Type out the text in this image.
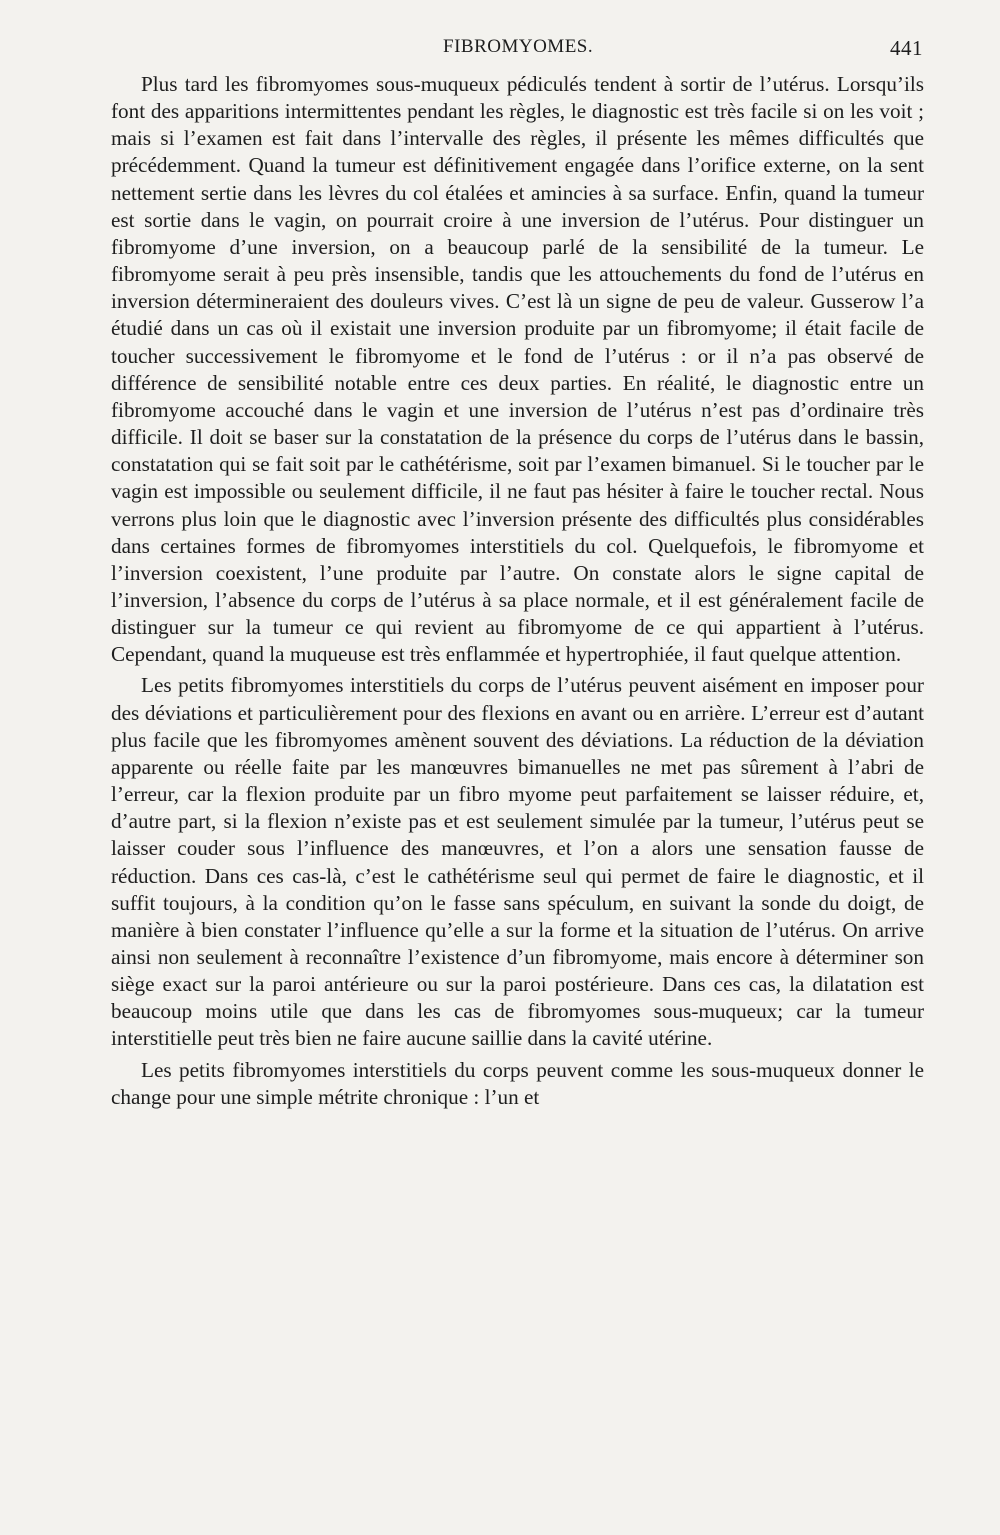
FIBROMYOMES.	441

Plus tard les fibromyomes sous-muqueux pédiculés tendent à sortir de l’utérus. Lorsqu’ils font des apparitions intermittentes pendant les règles, le diagnostic est très facile si on les voit ; mais si l’examen est fait dans l’intervalle des règles, il présente les mêmes difficultés que précédemment. Quand la tumeur est définitivement engagée dans l’orifice externe, on la sent nettement sertie dans les lèvres du col étalées et amincies à sa surface. Enfin, quand la tumeur est sortie dans le vagin, on pourrait croire à une inversion de l’utérus. Pour distinguer un fibromyome d’une inversion, on a beaucoup parlé de la sensibilité de la tumeur. Le fibromyome serait à peu près insensible, tandis que les attouchements du fond de l’utérus en inversion détermineraient des douleurs vives. C’est là un signe de peu de valeur. Gusserow l’a étudié dans un cas où il existait une inversion produite par un fibromyome; il était facile de toucher successivement le fibromyome et le fond de l’utérus : or il n’a pas observé de différence de sensibilité notable entre ces deux parties. En réalité, le diagnostic entre un fibromyome accouché dans le vagin et une inversion de l’utérus n’est pas d’ordinaire très difficile. Il doit se baser sur la constatation de la présence du corps de l’utérus dans le bassin, constatation qui se fait soit par le cathétérisme, soit par l’examen bimanuel. Si le toucher par le vagin est impossible ou seulement difficile, il ne faut pas hésiter à faire le toucher rectal. Nous verrons plus loin que le diagnostic avec l’inversion présente des difficultés plus considérables dans certaines formes de fibromyomes interstitiels du col. Quelquefois, le fibromyome et l’inversion coexistent, l’une produite par l’autre. On constate alors le signe capital de l’inversion, l’absence du corps de l’utérus à sa place normale, et il est généralement facile de distinguer sur la tumeur ce qui revient au fibromyome de ce qui appartient à l’utérus. Cependant, quand la muqueuse est très enflammée et hypertrophiée, il faut quelque attention.

Les petits fibromyomes interstitiels du corps de l’utérus peuvent aisément en imposer pour des déviations et particulièrement pour des flexions en avant ou en arrière. L’erreur est d’autant plus facile que les fibromyomes amènent souvent des déviations. La réduction de la déviation apparente ou réelle faite par les manœuvres bimanuelles ne met pas sûrement à l’abri de l’erreur, car la flexion produite par un fibro myome peut parfaitement se laisser réduire, et, d’autre part, si la flexion n’existe pas et est seulement simulée par la tumeur, l’utérus peut se laisser couder sous l’influence des manœuvres, et l’on a alors une sensation fausse de réduction. Dans ces cas-là, c’est le cathétérisme seul qui permet de faire le diagnostic, et il suffit toujours, à la condition qu’on le fasse sans spéculum, en suivant la sonde du doigt, de manière à bien constater l’influence qu’elle a sur la forme et la situation de l’utérus. On arrive ainsi non seulement à reconnaître l’existence d’un fibromyome, mais encore à déterminer son siège exact sur la paroi antérieure ou sur la paroi postérieure. Dans ces cas, la dilatation est beaucoup moins utile que dans les cas de fibromyomes sous-muqueux; car la tumeur interstitielle peut très bien ne faire aucune saillie dans la cavité utérine.

Les petits fibromyomes interstitiels du corps peuvent comme les sous-muqueux donner le change pour une simple métrite chronique : l’un et
